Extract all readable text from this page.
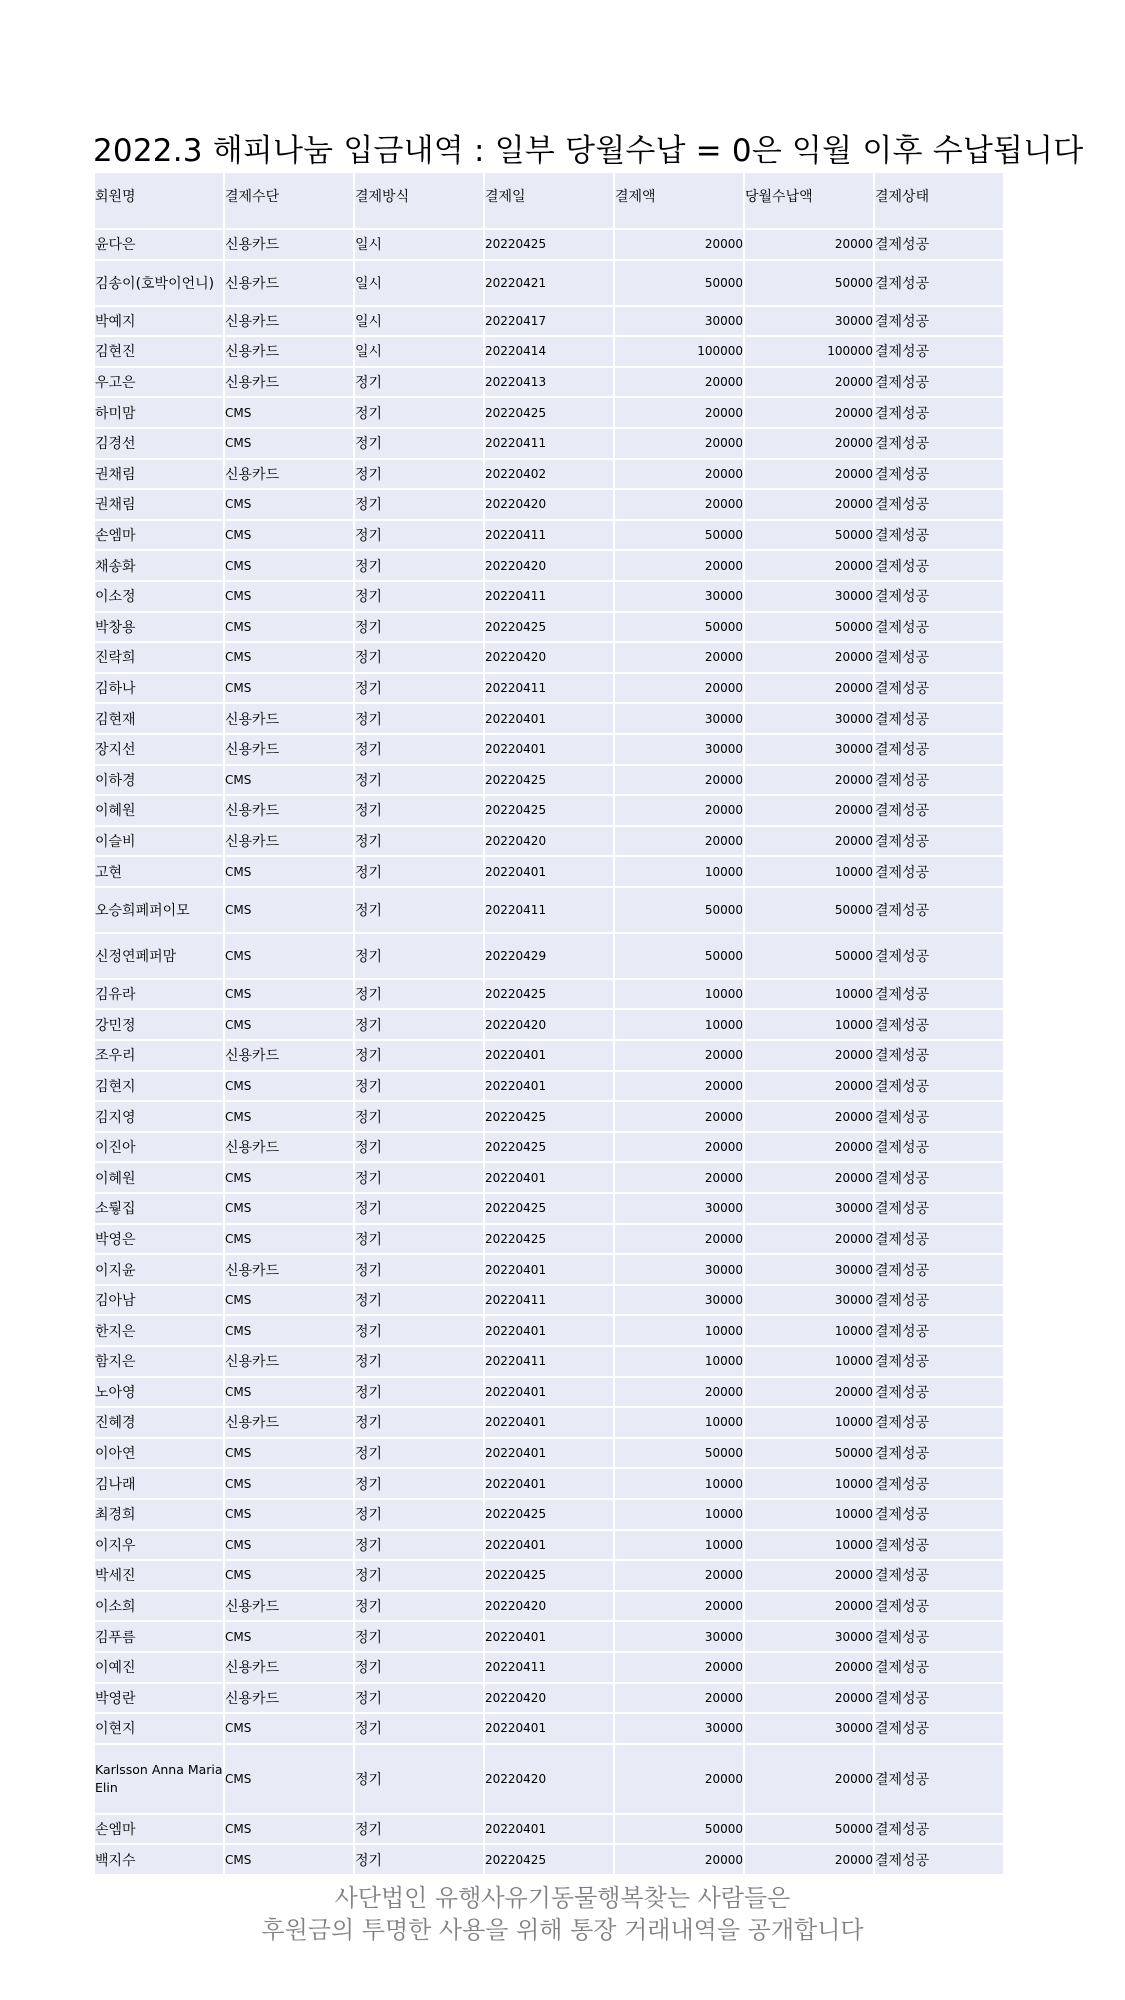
2022.3 해피나눔 입금내역 : 일부 당월수납 = 0은 익월 이후 수납됩니다
회원명	결제수단	결제방식	결제일	결제액	당월수납액	결제상태
윤다은	신용카드	일시	20220425	20000	20000	결제성공
김송이(호박이언니)	신용카드	일시	20220421	50000	50000	결제성공
박예지	신용카드	일시	20220417	30000	30000	결제성공
김현진	신용카드	일시	20220414	100000	100000	결제성공
우고은	신용카드	정기	20220413	20000	20000	결제성공
하미맘	CMS	정기	20220425	20000	20000	결제성공
김경선	CMS	정기	20220411	20000	20000	결제성공
권채림	신용카드	정기	20220402	20000	20000	결제성공
권채림	CMS	정기	20220420	20000	20000	결제성공
손엠마	CMS	정기	20220411	50000	50000	결제성공
채송화	CMS	정기	20220420	20000	20000	결제성공
이소정	CMS	정기	20220411	30000	30000	결제성공
박창용	CMS	정기	20220425	50000	50000	결제성공
진락희	CMS	정기	20220420	20000	20000	결제성공
김하나	CMS	정기	20220411	20000	20000	결제성공
김현재	신용카드	정기	20220401	30000	30000	결제성공
장지선	신용카드	정기	20220401	30000	30000	결제성공
이하경	CMS	정기	20220425	20000	20000	결제성공
이혜원	신용카드	정기	20220425	20000	20000	결제성공
이슬비	신용카드	정기	20220420	20000	20000	결제성공
고현	CMS	정기	20220401	10000	10000	결제성공
오승희페퍼이모	CMS	정기	20220411	50000	50000	결제성공
신정연페퍼맘	CMS	정기	20220429	50000	50000	결제성공
김유라	CMS	정기	20220425	10000	10000	결제성공
강민정	CMS	정기	20220420	10000	10000	결제성공
조우리	신용카드	정기	20220401	20000	20000	결제성공
김현지	CMS	정기	20220401	20000	20000	결제성공
김지영	CMS	정기	20220425	20000	20000	결제성공
이진아	신용카드	정기	20220425	20000	20000	결제성공
이혜원	CMS	정기	20220401	20000	20000	결제성공
소뤟집	CMS	정기	20220425	30000	30000	결제성공
박영은	CMS	정기	20220425	20000	20000	결제성공
이지윤	신용카드	정기	20220401	30000	30000	결제성공
김아남	CMS	정기	20220411	30000	30000	결제성공
한지은	CMS	정기	20220401	10000	10000	결제성공
함지은	신용카드	정기	20220411	10000	10000	결제성공
노아영	CMS	정기	20220401	20000	20000	결제성공
진혜경	신용카드	정기	20220401	10000	10000	결제성공
이아연	CMS	정기	20220401	50000	50000	결제성공
김나래	CMS	정기	20220401	10000	10000	결제성공
최경희	CMS	정기	20220425	10000	10000	결제성공
이지우	CMS	정기	20220401	10000	10000	결제성공
박세진	CMS	정기	20220425	20000	20000	결제성공
이소희	신용카드	정기	20220420	20000	20000	결제성공
김푸름	CMS	정기	20220401	30000	30000	결제성공
이예진	신용카드	정기	20220411	20000	20000	결제성공
박영란	신용카드	정기	20220420	20000	20000	결제성공
이현지	CMS	정기	20220401	30000	30000	결제성공
Karlsson Anna Maria Elin	CMS	정기	20220420	20000	20000	결제성공
손엠마	CMS	정기	20220401	50000	50000	결제성공
백지수	CMS	정기	20220425	20000	20000	결제성공
사단법인 유행사유기동물행복찾는 사람들은
후원금의 투명한 사용을 위해 통장 거래내역을 공개합니다
